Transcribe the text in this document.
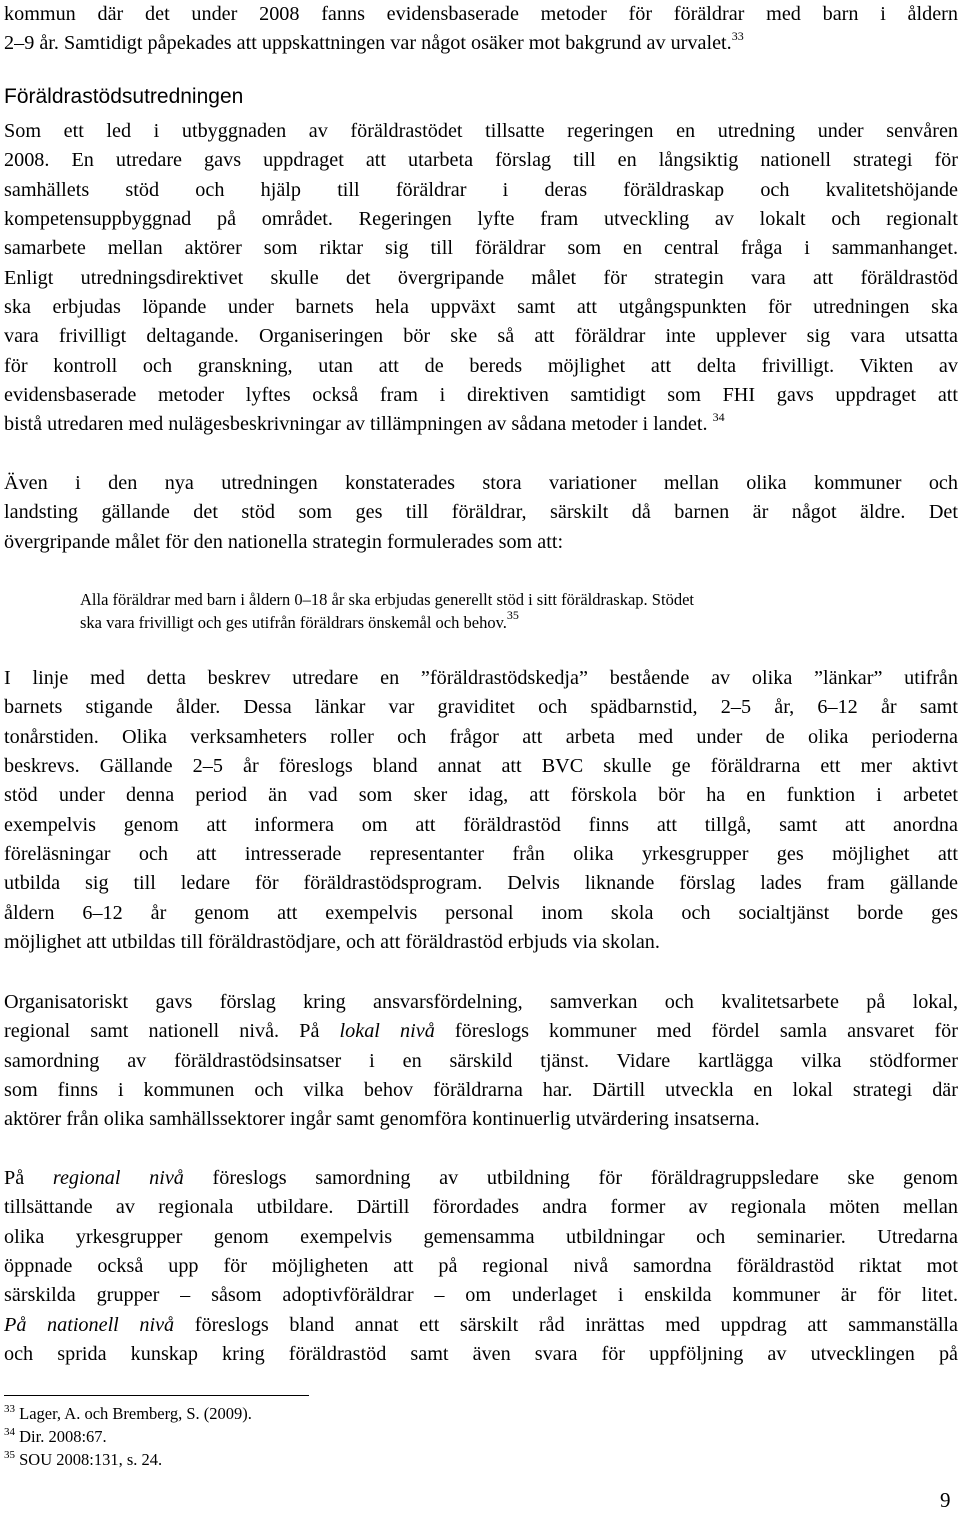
kommun där det under 2008 fanns evidensbaserade metoder för föräldrar med barn i åldern
2–9 år. Samtidigt påpekades att uppskattningen var något osäker mot bakgrund av urvalet.$^{33}$
Föräldrastödsutredningen
Som ett led i utbyggnaden av föräldrastödet tillsatte regeringen en utredning under senvåren
2008. En utredare gavs uppdraget att utarbeta förslag till en långsiktig nationell strategi för
samhällets stöd och hjälp till föräldrar i deras föräldraskap och kvalitetshöjande
kompetensuppbyggnad på området. Regeringen lyfte fram utveckling av lokalt och regionalt
samarbete mellan aktörer som riktar sig till föräldrar som en central fråga i sammanhanget.
Enligt utredningsdirektivet skulle det övergripande målet för strategin vara att föräldrastöd
ska erbjudas löpande under barnets hela uppväxt samt att utgångspunkten för utredningen ska
vara frivilligt deltagande. Organiseringen bör ske så att föräldrar inte upplever sig vara utsatta
för kontroll och granskning, utan att de bereds möjlighet att delta frivilligt. Vikten av
evidensbaserade metoder lyftes också fram i direktiven samtidigt som FHI gavs uppdraget att
bistå utredaren med nulägesbeskrivningar av tillämpningen av sådana metoder i landet. $^{34}$
Även i den nya utredningen konstaterades stora variationer mellan olika kommuner och
landsting gällande det stöd som ges till föräldrar, särskilt då barnen är något äldre. Det
övergripande målet för den nationella strategin formulerades som att:
Alla föräldrar med barn i åldern 0–18 år ska erbjudas generellt stöd i sitt föräldraskap. Stödet
ska vara frivilligt och ges utifrån föräldrars önskemål och behov.$^{35}$
I linje med detta beskrev utredare en ”föräldrastödskedja” bestående av olika ”länkar” utifrån
barnets stigande ålder. Dessa länkar var graviditet och spädbarnstid, 2–5 år, 6–12 år samt
tonårstiden. Olika verksamheters roller och frågor att arbeta med under de olika perioderna
beskrevs. Gällande 2–5 år föreslogs bland annat att BVC skulle ge föräldrarna ett mer aktivt
stöd under denna period än vad som sker idag, att förskola bör ha en funktion i arbetet
exempelvis genom att informera om att föräldrastöd finns att tillgå, samt att anordna
föreläsningar och att intresserade representanter från olika yrkesgrupper ges möjlighet att
utbilda sig till ledare för föräldrastödsprogram. Delvis liknande förslag lades fram gällande
åldern 6–12 år genom att exempelvis personal inom skola och socialtjänst borde ges
möjlighet att utbildas till föräldrastödjare, och att föräldrastöd erbjuds via skolan.
Organisatoriskt gavs förslag kring ansvarsfördelning, samverkan och kvalitetsarbete på lokal,
regional samt nationell nivå. På lokal nivå föreslogs kommuner med fördel samla ansvaret för
samordning av föräldrastödsinsatser i en särskild tjänst. Vidare kartlägga vilka stödformer
som finns i kommunen och vilka behov föräldrarna har. Därtill utveckla en lokal strategi där
aktörer från olika samhällssektorer ingår samt genomföra kontinuerlig utvärdering insatserna.
På regional nivå föreslogs samordning av utbildning för föräldragruppsledare ske genom
tillsättande av regionala utbildare. Därtill förordades andra former av regionala möten mellan
olika yrkesgrupper genom exempelvis gemensamma utbildningar och seminarier. Utredarna
öppnade också upp för möjligheten att på regional nivå samordna föräldrastöd riktat mot
särskilda grupper – såsom adoptivföräldrar – om underlaget i enskilda kommuner är för litet.
På nationell nivå föreslogs bland annat ett särskilt råd inrättas med uppdrag att sammanställa
och sprida kunskap kring föräldrastöd samt även svara för uppföljning av utvecklingen på
$^{33}$ Lager, A. och Bremberg, S. (2009).
$^{34}$ Dir. 2008:67.
$^{35}$ SOU 2008:131, s. 24.
9
